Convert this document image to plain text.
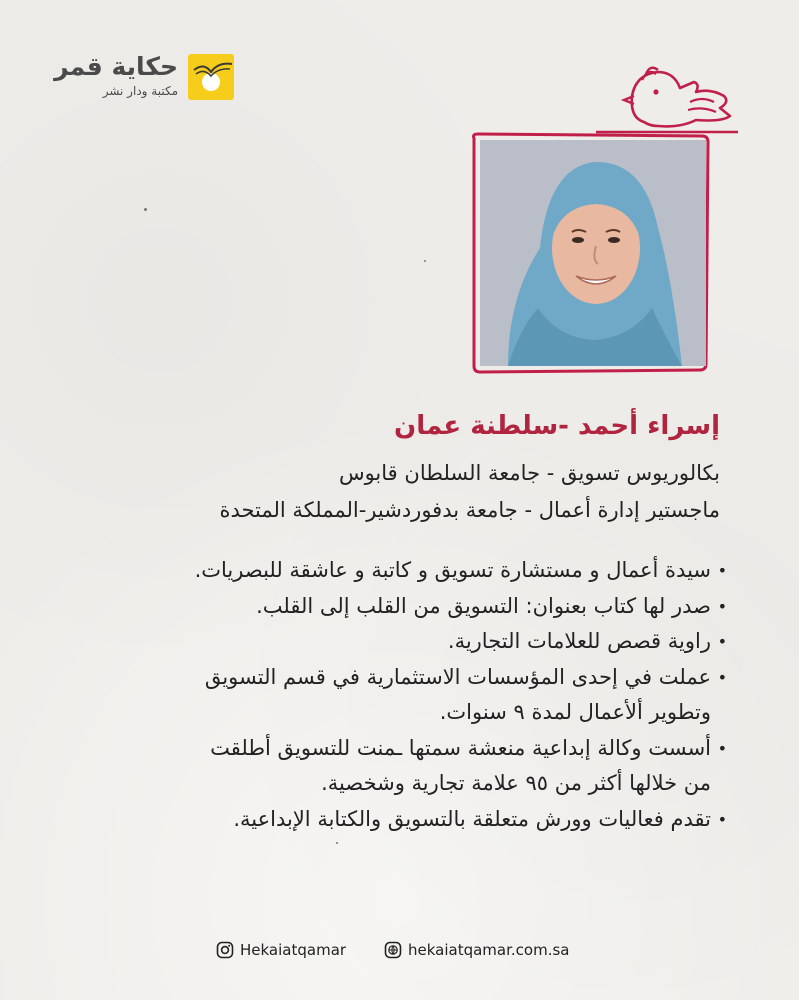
حكاية قمر
مكتبة ودار نشر
إسراء أحمد -سلطنة عمان
بكالوريوس تسويق - جامعة السلطان قابوس
ماجستير إدارة أعمال - جامعة بدفوردشير-المملكة المتحدة
• سيدة أعمال و مستشارة تسويق و كاتبة و عاشقة للبصريات.
• صدر لها كتاب بعنوان: التسويق من القلب إلى القلب.
• راوية قصص للعلامات التجارية.
• عملت في إحدى المؤسسات الاستثمارية في قسم التسويق
وتطوير ألأعمال لمدة ٩ سنوات.
• أسست وكالة إبداعية منعشة سمتها ـمنت للتسويق أطلقت
من خلالها أكثر من ٩٥ علامة تجارية وشخصية.
• تقدم فعاليات وورش متعلقة بالتسويق والكتابة الإبداعية.
Hekaiatqamar	hekaiatqamar.com.sa
